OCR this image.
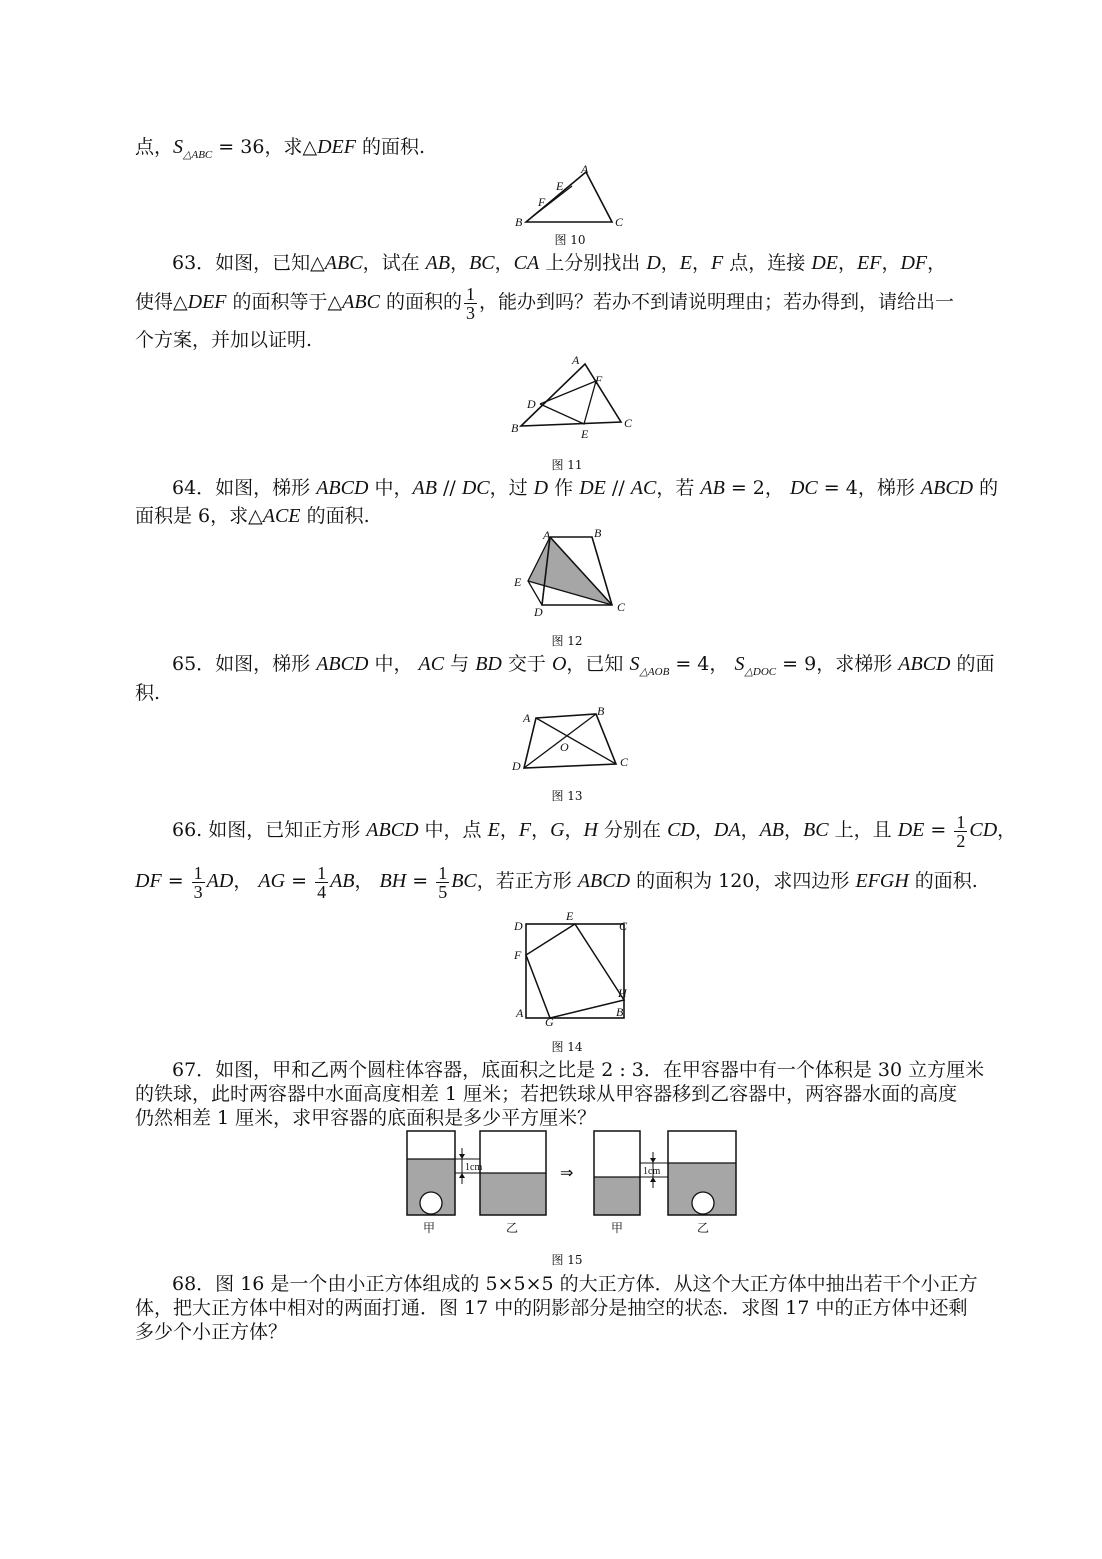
点，$S_{\triangle ABC} = 36$，求△DEF 的面积.
A
B	C
E
F
图 10
63．如图，已知△ABC，试在 AB，BC，CA 上分别找出 D，E，F 点，连接 DE，EF，DF，
使得△DEF 的面积等于△ABC 的面积的 $\frac{1}{3}$ ，能办到吗？若办不到请说明理由；若办得到，请给出一
个方案，并加以证明.
A
B	C
D
E
F
图 11
64．如图，梯形 ABCD 中，AB // DC，过 D 作 DE // AC，若 AB = 2， DC = 4，梯形 ABCD 的
面积是 6，求△ACE 的面积.
A	B
C
D
E
图 12
65．如图，梯形 ABCD 中， AC 与 BD 交于 O，已知 $S_{\triangle AOB} = 4$， $S_{\triangle DOC} = 9$，求梯形 ABCD 的面
积.
A	B
C
D
O
图 13
66. 如图，已知正方形 ABCD 中，点 E，F，G，H 分别在 CD，DA，AB，BC 上，且 DE = $\frac{1}{2}$ CD，
DF = $\frac{1}{3}$ AD， AG = $\frac{1}{4}$ AB， BH = $\frac{1}{5}$ BC，若正方形 ABCD 的面积为 120，求四边形 EFGH 的面积.
D
E
C
F
H
B
A
G
图 14
67．如图，甲和乙两个圆柱体容器，底面积之比是 2 : 3．在甲容器中有一个体积是 30 立方厘米
的铁球，此时两容器中水面高度相差 1 厘米；若把铁球从甲容器移到乙容器中，两容器水面的高度
仍然相差 1 厘米，求甲容器的底面积是多少平方厘米？
1cm	⇒	1cm
甲	乙	甲	乙
图 15
68．图 16 是一个由小正方体组成的 5×5×5 的大正方体．从这个大正方体中抽出若干个小正方
体，把大正方体中相对的两面打通．图 17 中的阴影部分是抽空的状态．求图 17 中的正方体中还剩
多少个小正方体？
